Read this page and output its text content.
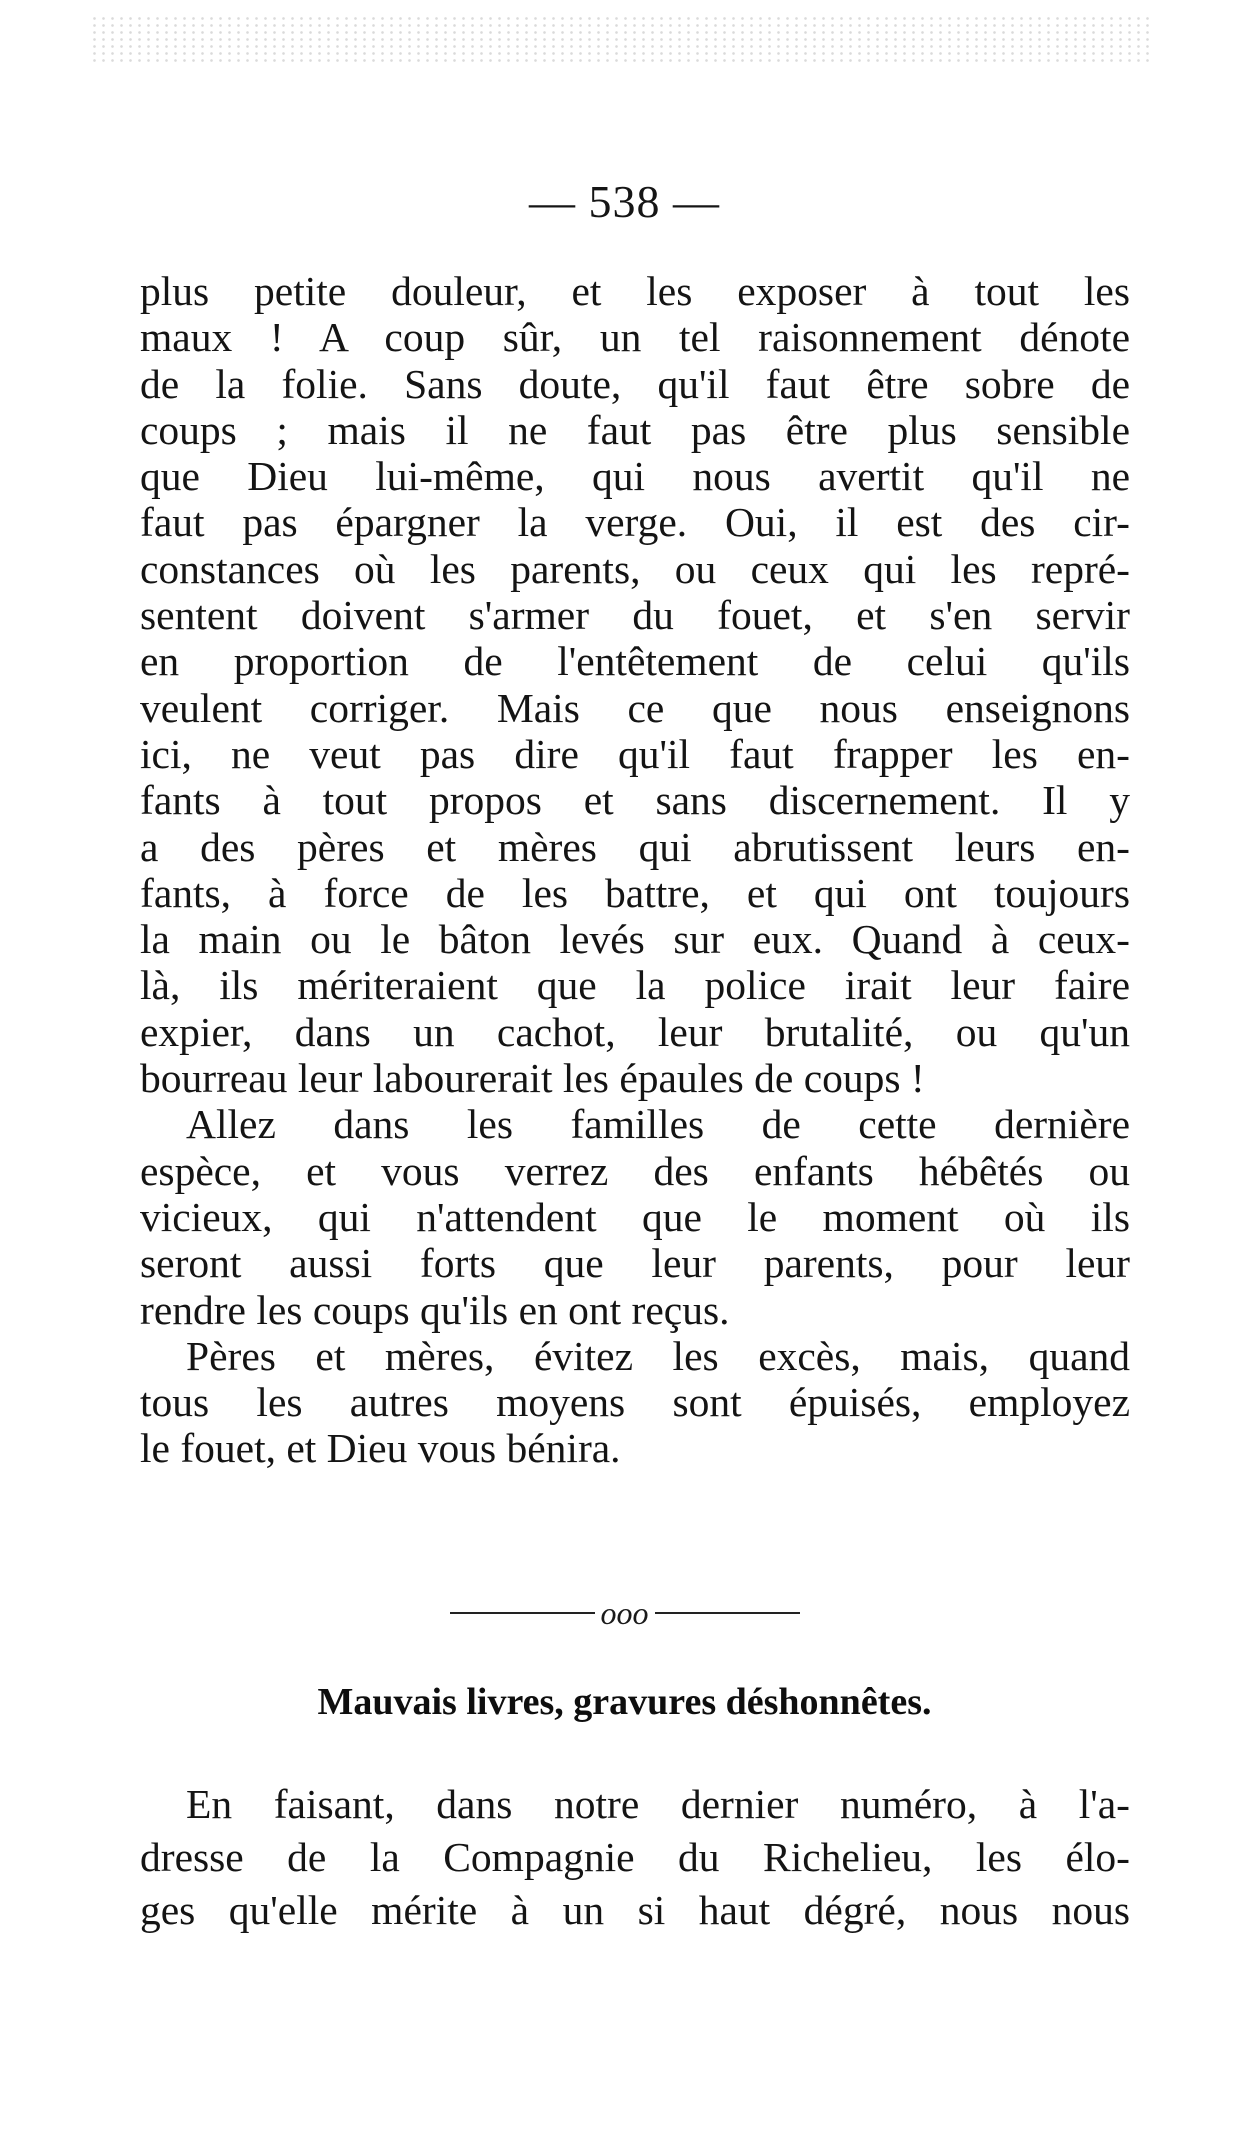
— 538 —
plus petite douleur, et les exposer à tout les
maux ! A coup sûr, un tel raisonnement dénote
de la folie. Sans doute, qu'il faut être sobre de
coups ; mais il ne faut pas être plus sensible
que Dieu lui-même, qui nous avertit qu'il ne
faut pas épargner la verge. Oui, il est des cir-
constances où les parents, ou ceux qui les repré-
sentent doivent s'armer du fouet, et s'en servir
en proportion de l'entêtement de celui qu'ils
veulent corriger. Mais ce que nous enseignons
ici, ne veut pas dire qu'il faut frapper les en-
fants à tout propos et sans discernement. Il y
a des pères et mères qui abrutissent leurs en-
fants, à force de les battre, et qui ont toujours
la main ou le bâton levés sur eux. Quand à ceux-
là, ils mériteraient que la police irait leur faire
expier, dans un cachot, leur brutalité, ou qu'un
bourreau leur labourerait les épaules de coups !
Allez dans les familles de cette dernière
espèce, et vous verrez des enfants hébêtés ou
vicieux, qui n'attendent que le moment où ils
seront aussi forts que leur parents, pour leur
rendre les coups qu'ils en ont reçus.
Pères et mères, évitez les excès, mais, quand
tous les autres moyens sont épuisés, employez
le fouet, et Dieu vous bénira.
ooo
Mauvais livres, gravures déshonnêtes.
En faisant, dans notre dernier numéro, à l'a-
dresse de la Compagnie du Richelieu, les élo-
ges qu'elle mérite à un si haut dégré, nous nous
